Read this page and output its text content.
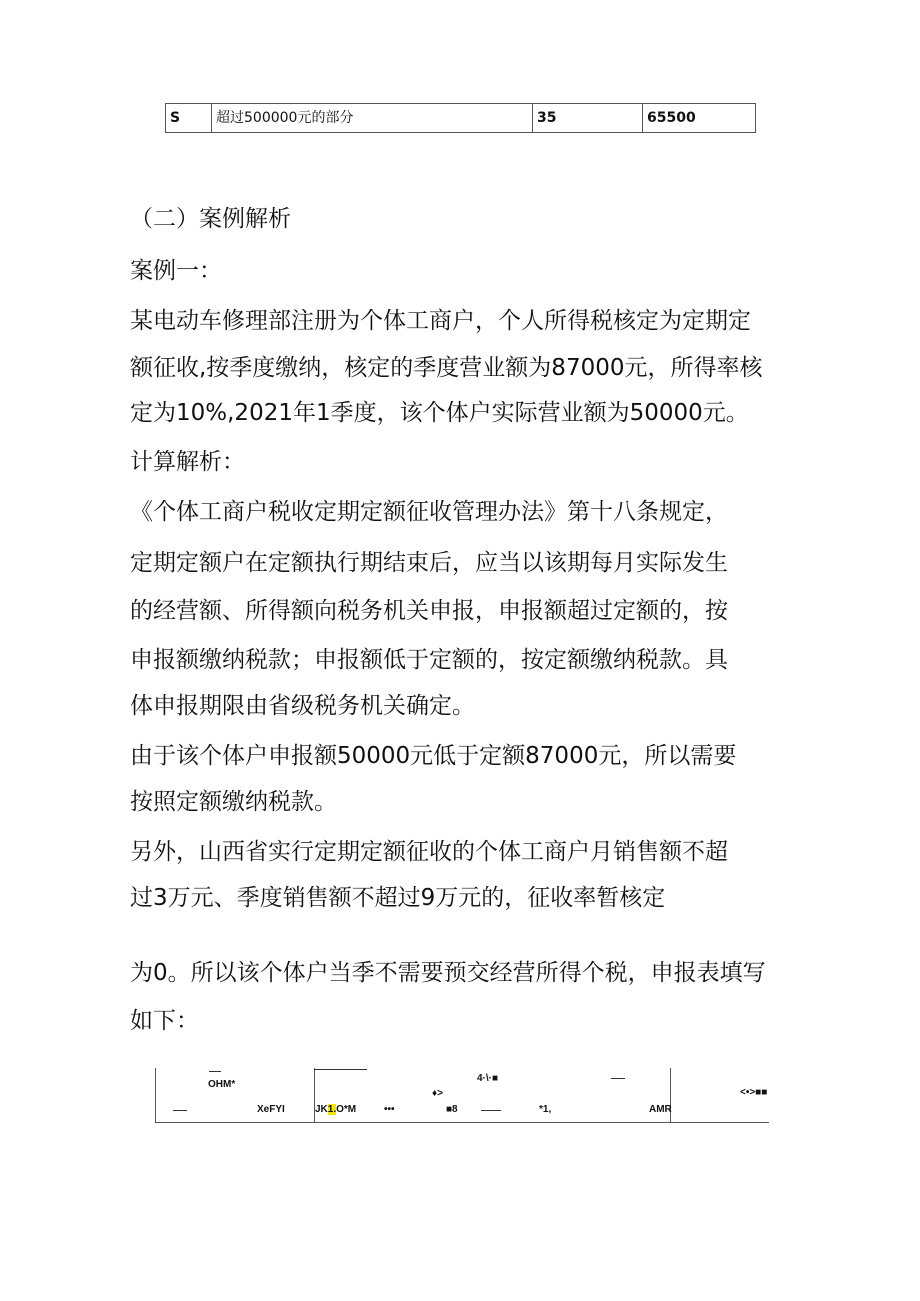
S	超过500000元的部分	35	65500

（二）案例解析

案例一：

某电动车修理部注册为个体工商户，个人所得税核定为定期定

额征收,按季度缴纳，核定的季度营业额为87000元，所得率核

定为10%,2021年1季度，该个体户实际营业额为50000元。

计算解析：

《个体工商户税收定期定额征收管理办法》第十八条规定，

定期定额户在定额执行期结束后，应当以该期每月实际发生

的经营额、所得额向税务机关申报，申报额超过定额的，按

申报额缴纳税款；申报额低于定额的，按定额缴纳税款。具

体申报期限由省级税务机关确定。

由于该个体户申报额50000元低于定额87000元，所以需要

按照定额缴纳税款。

另外，山西省实行定期定额征收的个体工商户月销售额不超

过3万元、季度销售额不超过9万元的，征收率暂核定

为0。所以该个体户当季不需要预交经营所得个税，申报表填写

如下：

OHM*
XeFYI	JK1.O*M	•••
♦>
■8
4·\·■
*1,	AMR
<•>■■
